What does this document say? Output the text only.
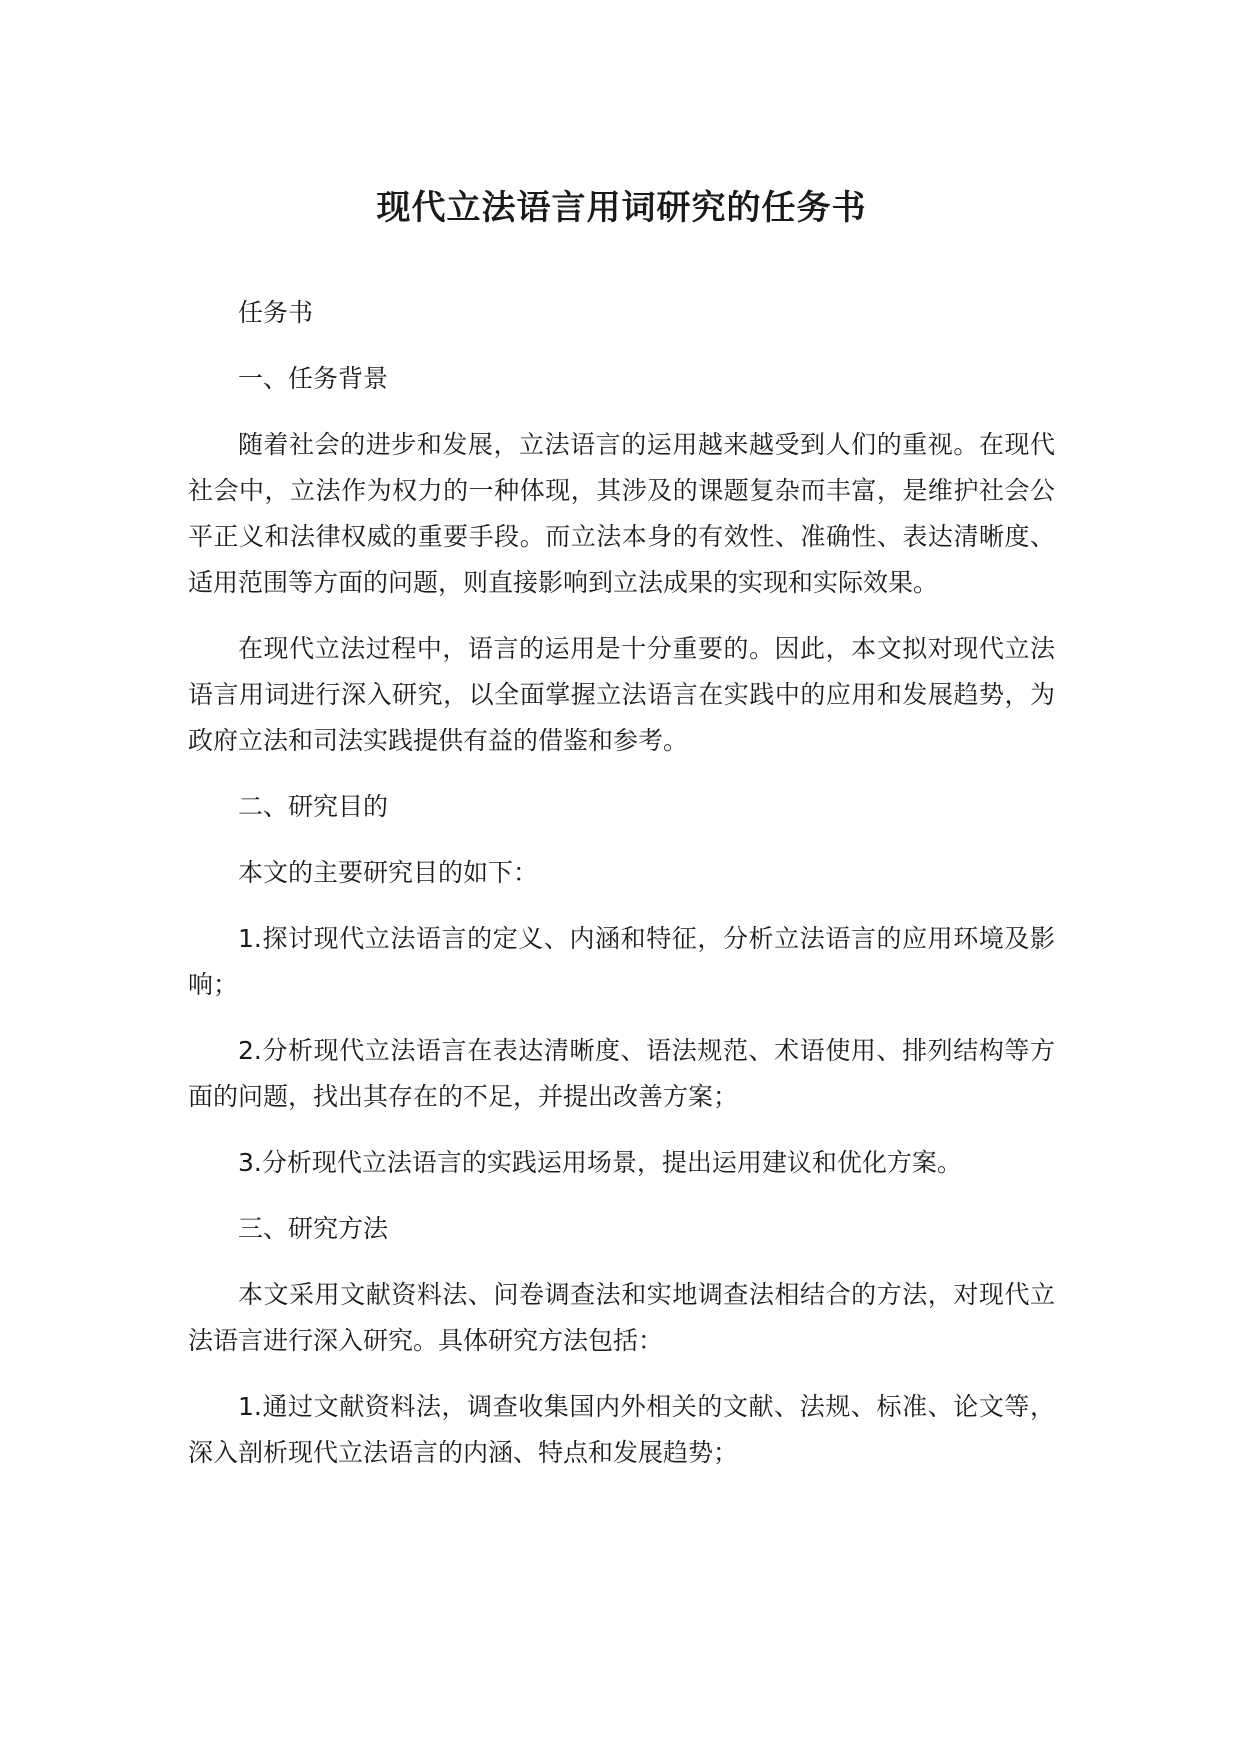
现代立法语言用词研究的任务书

任务书

一、任务背景

随着社会的进步和发展，立法语言的运用越来越受到人们的重视。在现代社会中，立法作为权力的一种体现，其涉及的课题复杂而丰富，是维护社会公平正义和法律权威的重要手段。而立法本身的有效性、准确性、表达清晰度、适用范围等方面的问题，则直接影响到立法成果的实现和实际效果。

在现代立法过程中，语言的运用是十分重要的。因此，本文拟对现代立法语言用词进行深入研究，以全面掌握立法语言在实践中的应用和发展趋势，为政府立法和司法实践提供有益的借鉴和参考。

二、研究目的

本文的主要研究目的如下：

1.探讨现代立法语言的定义、内涵和特征，分析立法语言的应用环境及影响；

2.分析现代立法语言在表达清晰度、语法规范、术语使用、排列结构等方面的问题，找出其存在的不足，并提出改善方案；

3.分析现代立法语言的实践运用场景，提出运用建议和优化方案。

三、研究方法

本文采用文献资料法、问卷调查法和实地调查法相结合的方法，对现代立法语言进行深入研究。具体研究方法包括：

1.通过文献资料法，调查收集国内外相关的文献、法规、标准、论文等，深入剖析现代立法语言的内涵、特点和发展趋势；
